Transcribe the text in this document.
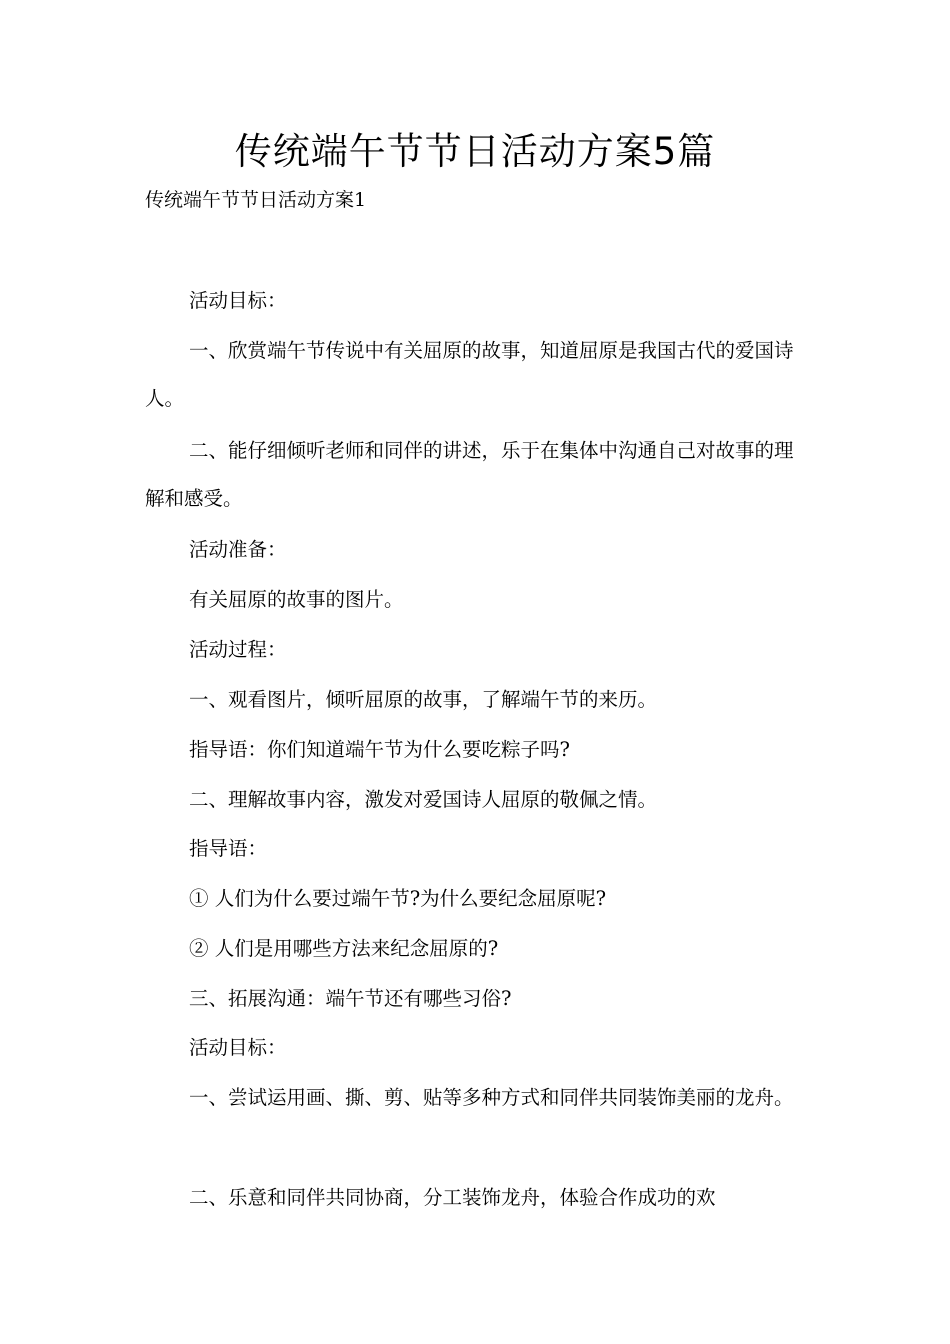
传统端午节节日活动方案5篇
传统端午节节日活动方案1

活动目标：

一、欣赏端午节传说中有关屈原的故事，知道屈原是我国古代的爱国诗人。

二、能仔细倾听老师和同伴的讲述，乐于在集体中沟通自己对故事的理解和感受。

活动准备：

有关屈原的故事的图片。

活动过程：

一、观看图片，倾听屈原的故事，了解端午节的来历。

指导语：你们知道端午节为什么要吃粽子吗?

二、理解故事内容，激发对爱国诗人屈原的敬佩之情。

指导语：

① 人们为什么要过端午节?为什么要纪念屈原呢?

② 人们是用哪些方法来纪念屈原的?

三、拓展沟通：端午节还有哪些习俗?

活动目标：

一、尝试运用画、撕、剪、贴等多种方式和同伴共同装饰美丽的龙舟。

二、乐意和同伴共同协商，分工装饰龙舟，体验合作成功的欢
